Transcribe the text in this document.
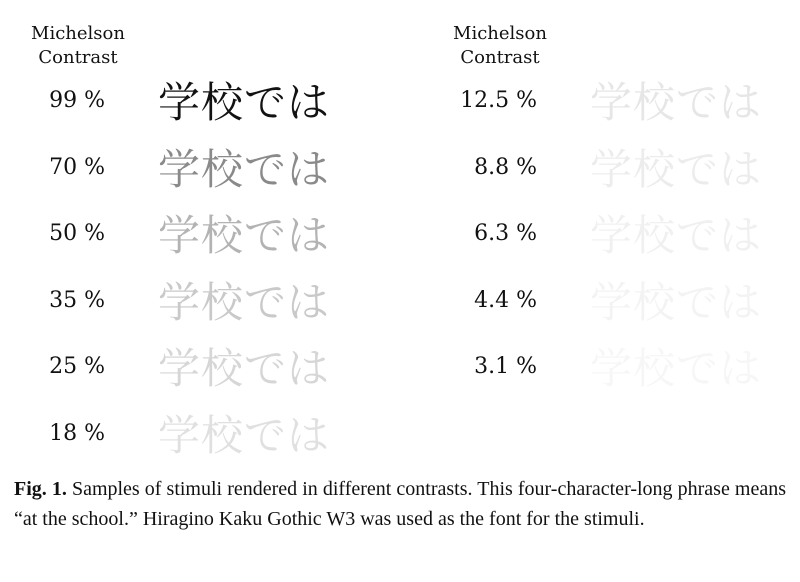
Michelson
Contrast
Michelson
Contrast
99 % 学校では
70 % 学校では
50 % 学校では
35 % 学校では
25 % 学校では
18 % 学校では
12.5 % 学校では
8.8 % 学校では
6.3 % 学校では
4.4 % 学校では
3.1 % 学校では
Fig. 1. Samples of stimuli rendered in different contrasts. This four-character-long phrase means “at the school.” Hiragino Kaku Gothic W3 was used as the font for the stimuli.
